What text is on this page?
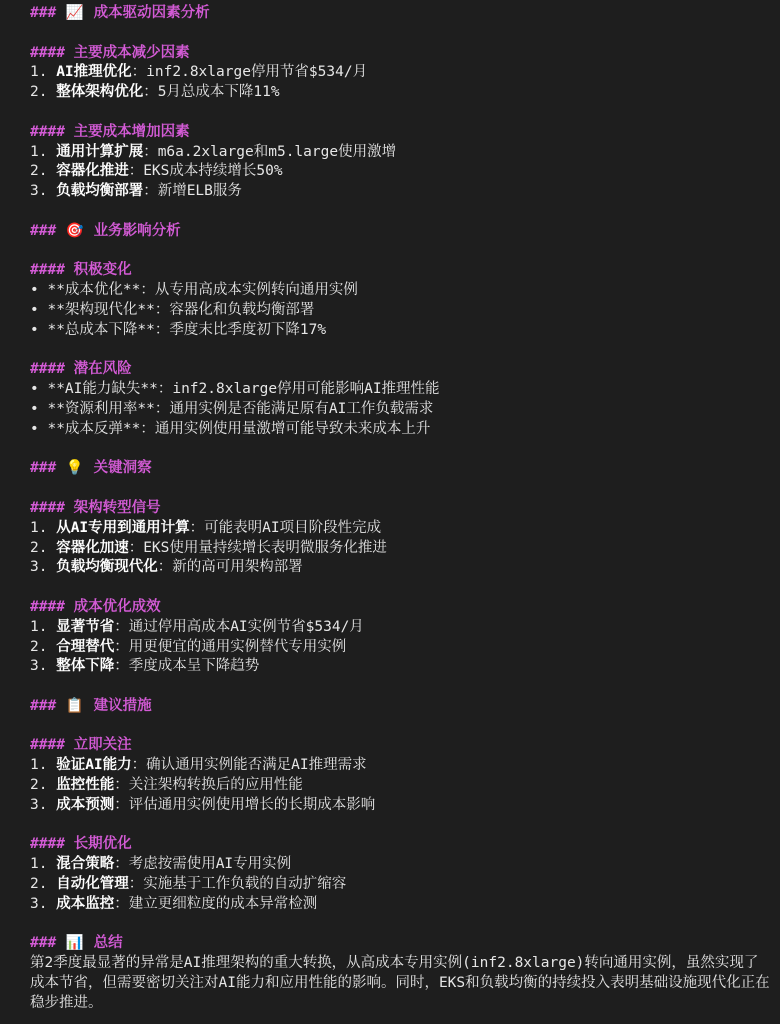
### 📈 成本驱动因素分析
#### 主要成本减少因素
1. AI推理优化：inf2.8xlarge停用节省$534/月
2. 整体架构优化：5月总成本下降11%
#### 主要成本增加因素
1. 通用计算扩展：m6a.2xlarge和m5.large使用激增
2. 容器化推进：EKS成本持续增长50%
3. 负载均衡部署：新增ELB服务
### 🎯 业务影响分析
#### 积极变化
• **成本优化**：从专用高成本实例转向通用实例
• **架构现代化**：容器化和负载均衡部署
• **总成本下降**：季度末比季度初下降17%
#### 潜在风险
• **AI能力缺失**：inf2.8xlarge停用可能影响AI推理性能
• **资源利用率**：通用实例是否能满足原有AI工作负载需求
• **成本反弹**：通用实例使用量激增可能导致未来成本上升
### 💡 关键洞察
#### 架构转型信号
1. 从AI专用到通用计算：可能表明AI项目阶段性完成
2. 容器化加速：EKS使用量持续增长表明微服务化推进
3. 负载均衡现代化：新的高可用架构部署
#### 成本优化成效
1. 显著节省：通过停用高成本AI实例节省$534/月
2. 合理替代：用更便宜的通用实例替代专用实例
3. 整体下降：季度成本呈下降趋势
### 📋 建议措施
#### 立即关注
1. 验证AI能力：确认通用实例能否满足AI推理需求
2. 监控性能：关注架构转换后的应用性能
3. 成本预测：评估通用实例使用增长的长期成本影响
#### 长期优化
1. 混合策略：考虑按需使用AI专用实例
2. 自动化管理：实施基于工作负载的自动扩缩容
3. 成本监控：建立更细粒度的成本异常检测
### 📊 总结
第2季度最显著的异常是AI推理架构的重大转换，从高成本专用实例(inf2.8xlarge)转向通用实例，虽然实现了成本节省，但需要密切关注对AI能力和应用性能的影响。同时，EKS和负载均衡的持续投入表明基础设施现代化正在稳步推进。
